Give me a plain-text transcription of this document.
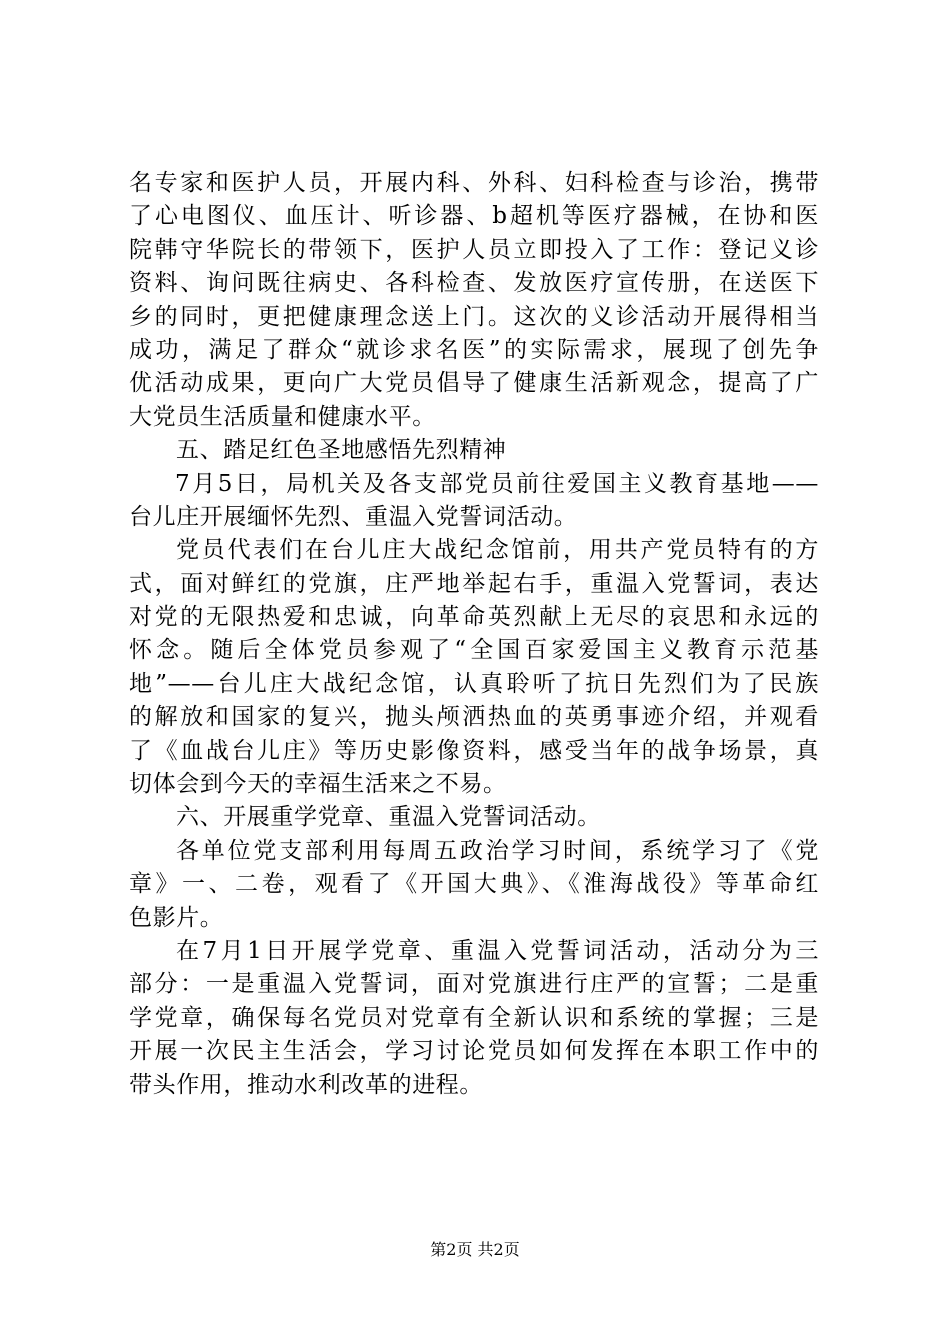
名专家和医护人员，开展内科、外科、妇科检查与诊治，携带
了心电图仪、血压计、听诊器、b超机等医疗器械，在协和医
院韩守华院长的带领下，医护人员立即投入了工作：登记义诊
资料、询问既往病史、各科检查、发放医疗宣传册，在送医下
乡的同时，更把健康理念送上门。这次的义诊活动开展得相当
成功，满足了群众“就诊求名医”的实际需求，展现了创先争
优活动成果，更向广大党员倡导了健康生活新观念，提高了广
大党员生活质量和健康水平。
五、踏足红色圣地感悟先烈精神
7月5日，局机关及各支部党员前往爱国主义教育基地——
台儿庄开展缅怀先烈、重温入党誓词活动。
党员代表们在台儿庄大战纪念馆前，用共产党员特有的方
式，面对鲜红的党旗，庄严地举起右手，重温入党誓词，表达
对党的无限热爱和忠诚，向革命英烈献上无尽的哀思和永远的
怀念。随后全体党员参观了“全国百家爱国主义教育示范基
地”——台儿庄大战纪念馆，认真聆听了抗日先烈们为了民族
的解放和国家的复兴，抛头颅洒热血的英勇事迹介绍，并观看
了《血战台儿庄》等历史影像资料，感受当年的战争场景，真
切体会到今天的幸福生活来之不易。
六、开展重学党章、重温入党誓词活动。
各单位党支部利用每周五政治学习时间，系统学习了《党
章》一、二卷，观看了《开国大典》、《淮海战役》等革命红
色影片。
在7月1日开展学党章、重温入党誓词活动，活动分为三
部分：一是重温入党誓词，面对党旗进行庄严的宣誓；二是重
学党章，确保每名党员对党章有全新认识和系统的掌握；三是
开展一次民主生活会，学习讨论党员如何发挥在本职工作中的
带头作用，推动水利改革的进程。
第2页 共2页
